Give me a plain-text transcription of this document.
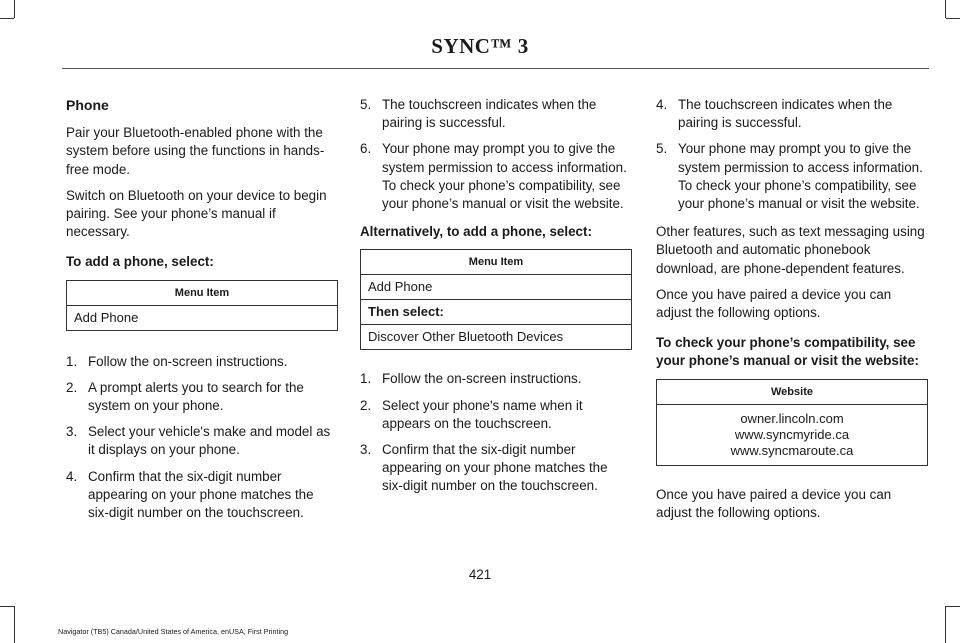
SYNC™ 3
Phone

Pair your Bluetooth-enabled phone with the system before using the functions in hands-free mode.

Switch on Bluetooth on your device to begin pairing. See your phone’s manual if necessary.

To add a phone, select:

Menu Item
Add Phone
1. Follow the on-screen instructions.
2. A prompt alerts you to search for the system on your phone.
3. Select your vehicle's make and model as it displays on your phone.
4. Confirm that the six-digit number appearing on your phone matches the six-digit number on the touchscreen.
5. The touchscreen indicates when the pairing is successful.
6. Your phone may prompt you to give the system permission to access information. To check your phone’s compatibility, see your phone’s manual or visit the website.

Alternatively, to add a phone, select:

Menu Item
Add Phone
Then select:
Discover Other Bluetooth Devices
1. Follow the on-screen instructions.
2. Select your phone's name when it appears on the touchscreen.
3. Confirm that the six-digit number appearing on your phone matches the six-digit number on the touchscreen.
4. The touchscreen indicates when the pairing is successful.
5. Your phone may prompt you to give the system permission to access information. To check your phone’s compatibility, see your phone’s manual or visit the website.

Other features, such as text messaging using Bluetooth and automatic phonebook download, are phone-dependent features.

Once you have paired a device you can adjust the following options.

To check your phone’s compatibility, see your phone’s manual or visit the website:

Website

owner.lincoln.com
www.syncmyride.ca
www.syncmaroute.ca

Once you have paired a device you can adjust the following options.

421
Navigator (TB5) Canada/United States of America, enUSA, First Printing
